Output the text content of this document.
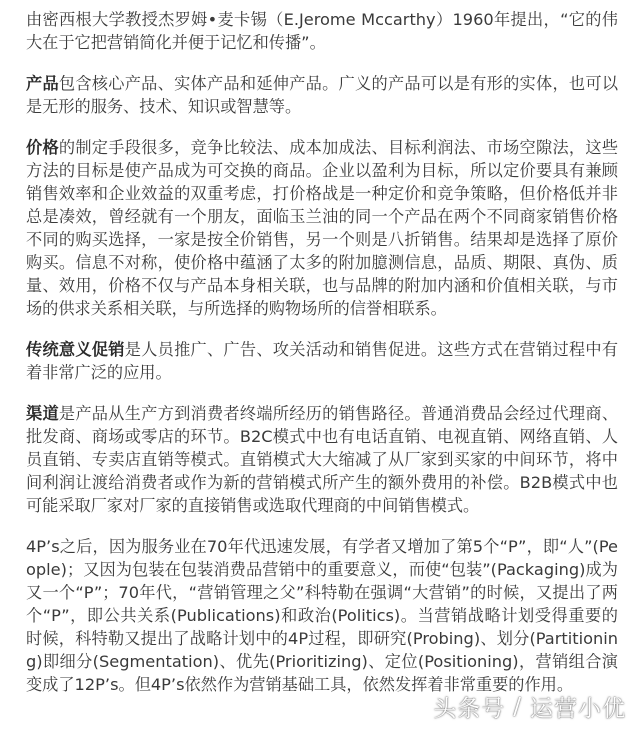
由密西根大学教授杰罗姆•麦卡锡（E.Jerome Mccarthy）1960年提出，“它的伟大在于它把营销简化并便于记忆和传播”。

产品包含核心产品、实体产品和延伸产品。广义的产品可以是有形的实体，也可以是无形的服务、技术、知识或智慧等。

价格的制定手段很多，竞争比较法、成本加成法、目标利润法、市场空隙法，这些方法的目标是使产品成为可交换的商品。企业以盈利为目标，所以定价要具有兼顾销售效率和企业效益的双重考虑，打价格战是一种定价和竞争策略，但价格低并非总是凑效，曾经就有一个朋友，面临玉兰油的同一个产品在两个不同商家销售价格不同的购买选择，一家是按全价销售，另一个则是八折销售。结果却是选择了原价购买。信息不对称，使价格中蕴涵了太多的附加臆测信息，品质、期限、真伪、质量、效用，价格不仅与产品本身相关联，也与品牌的附加内涵和价值相关联，与市场的供求关系相关联，与所选择的购物场所的信誉相联系。

传统意义促销是人员推广、广告、攻关活动和销售促进。这些方式在营销过程中有着非常广泛的应用。

渠道是产品从生产方到消费者终端所经历的销售路径。普通消费品会经过代理商、批发商、商场或零店的环节。B2C模式中也有电话直销、电视直销、网络直销、人员直销、专卖店直销等模式。直销模式大大缩减了从厂家到买家的中间环节，将中间利润让渡给消费者或作为新的营销模式所产生的额外费用的补偿。B2B模式中也可能采取厂家对厂家的直接销售或选取代理商的中间销售模式。

4P’s之后，因为服务业在70年代迅速发展，有学者又增加了第5个“P”，即“人”(People)；又因为包装在包装消费品营销中的重要意义，而使“包装”(Packaging)成为又一个“P”；70年代，“营销管理之父”科特勒在强调“大营销”的时候，又提出了两个“P”，即公共关系(Publications)和政治(Politics)。当营销战略计划受得重要的时候，科特勒又提出了战略计划中的4P过程，即研究(Probing)、划分(Partitioning)即细分(Segmentation)、优先(Prioritizing)、定位(Positioning)，营销组合演变成了12P’s。但4P’s依然作为营销基础工具，依然发挥着非常重要的作用。

头条号 / 运营小优
